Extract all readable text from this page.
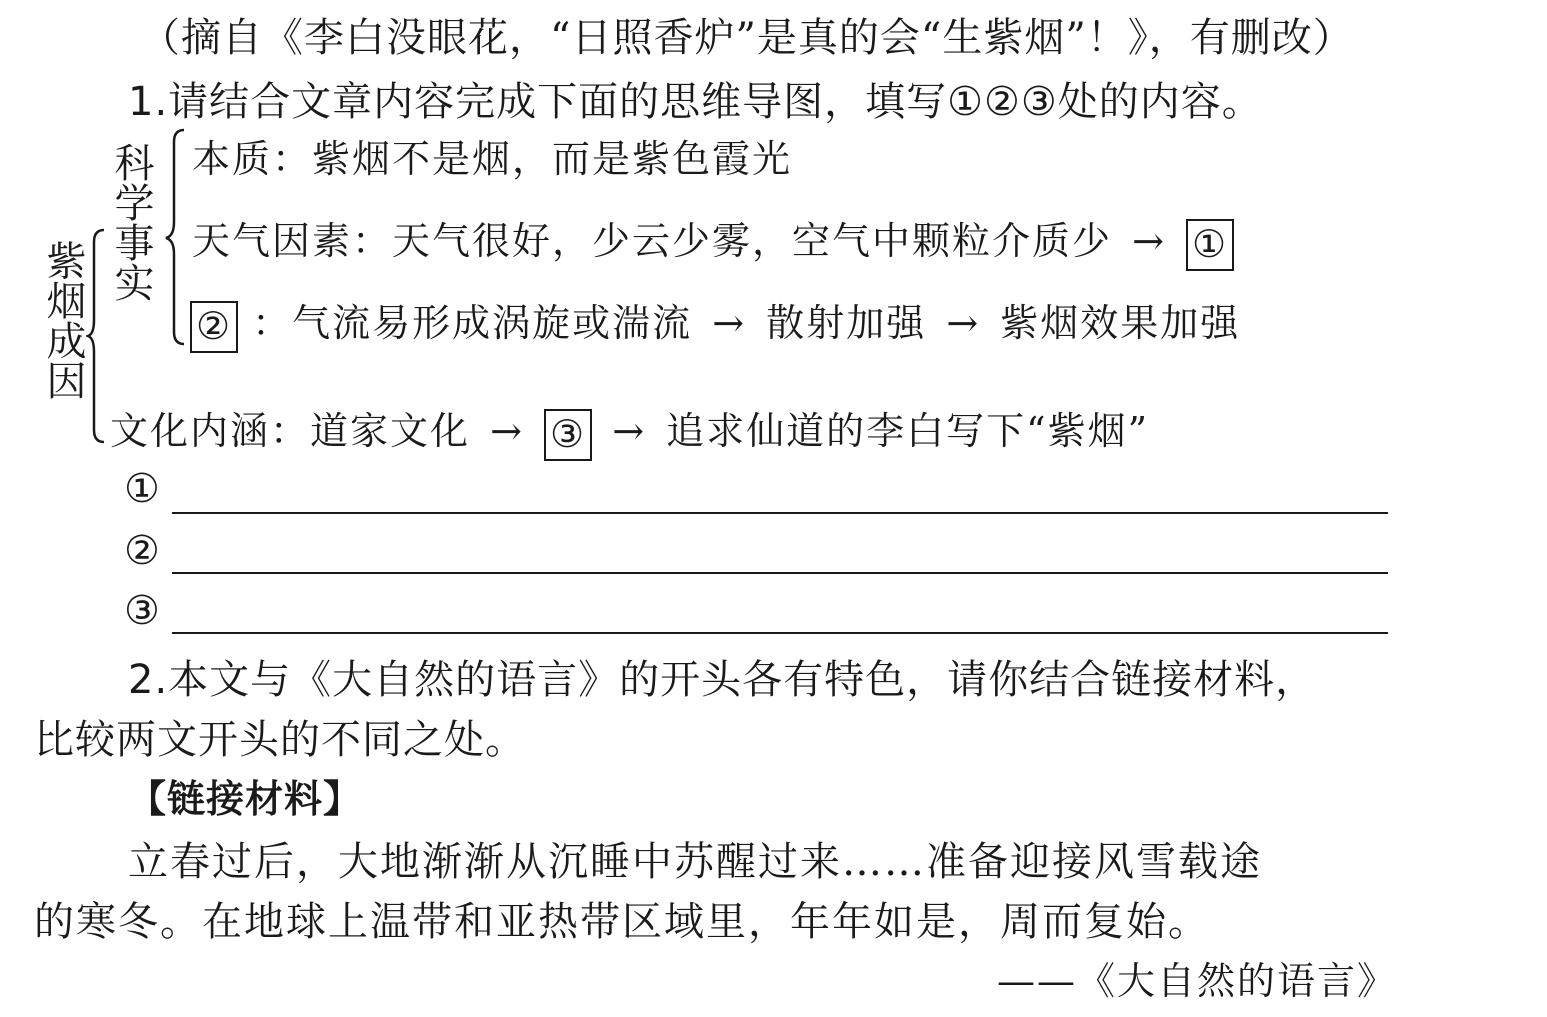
（摘自《李白没眼花，“日照香炉”是真的会“生紫烟”！》，有删改）
1.请结合文章内容完成下面的思维导图，填写①②③处的内容。
紫烟成因
科学事实 本质：紫烟不是烟，而是紫色霞光
天气因素：天气很好，少云少雾，空气中颗粒介质少 → ①
② ：气流易形成涡旋或湍流 → 散射加强 → 紫烟效果加强
文化内涵：道家文化 → ③ → 追求仙道的李白写下“紫烟”
①
②
③
2.本文与《大自然的语言》的开头各有特色，请你结合链接材料，
比较两文开头的不同之处。
【链接材料】
立春过后，大地渐渐从沉睡中苏醒过来……准备迎接风雪载途
的寒冬。在地球上温带和亚热带区域里，年年如是，周而复始。
——《大自然的语言》
